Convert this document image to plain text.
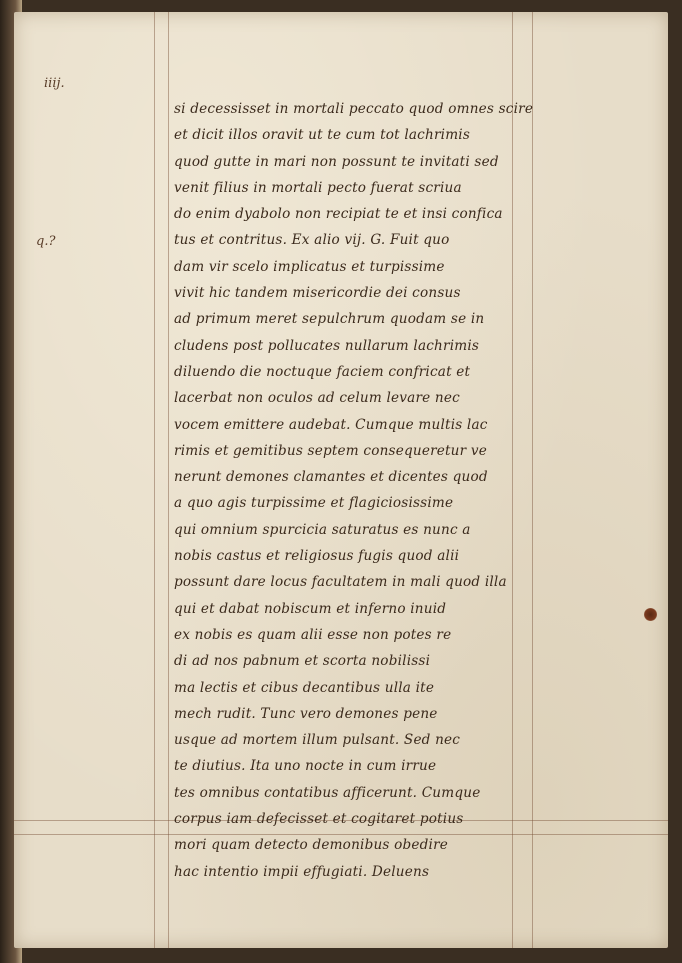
iiij.
q.?
si decessisset in mortali peccato quod omnes scire
et dicit illos oravit ut te cum tot lachrimis
quod gutte in mari non possunt te invitati sed
venit filius in mortali pecto fuerat scriua
do enim dyabolo non recipiat te et insi confica
tus et contritus. Ex alio vij. G. Fuit quo
dam vir scelo implicatus et turpissime
vivit hic tandem misericordie dei consus
ad primum meret sepulchrum quodam se in
cludens post pollucates nullarum lachrimis
diluendo die noctuque faciem confricat et
lacerbat non oculos ad celum levare nec
vocem emittere audebat. Cumque multis lac
rimis et gemitibus septem consequeretur ve
nerunt demones clamantes et dicentes quod
a quo agis turpissime et flagiciosissime
qui omnium spurcicia saturatus es nunc a
nobis castus et religiosus fugis quod alii
possunt dare locus facultatem in mali quod illa
qui et dabat nobiscum et inferno inuid
ex nobis es quam alii esse non potes re
di ad nos pabnum et scorta nobilissi
ma lectis et cibus decantibus ulla ite
mech rudit. Tunc vero demones pene
usque ad mortem illum pulsant. Sed nec
te diutius. Ita uno nocte in cum irrue
tes omnibus contatibus afficerunt. Cumque
corpus iam defecisset et cogitaret potius
mori quam detecto demonibus obedire
hac intentio impii effugiati. Deluens
